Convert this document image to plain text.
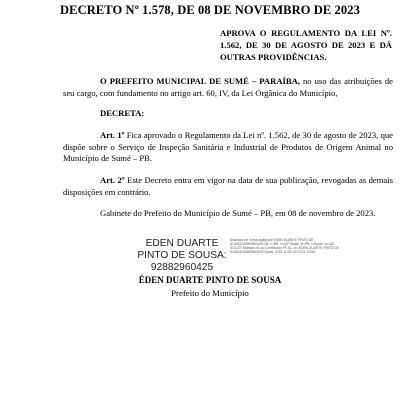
DECRETO Nº 1.578, DE 08 DE NOVEMBRO DE 2023
APROVA O REGULAMENTO DA LEI Nº. 1.562, DE 30 DE AGOSTO DE 2023 E DÁ OUTRAS PROVIDÊNCIAS.
O PREFEITO MUNICIPAL DE SUMÉ – PARAÍBA, no uso das atribuições de seu cargo, com fundamento no artigo art. 60, IV, da Lei Orgânica do Município,
DECRETA:
Art. 1º Fica aprovado o Regulamento da Lei nº. 1.562, de 30 de agosto de 2023, que dispõe sobre o Serviço de Inspeção Sanitária e Industrial de Produtos de Origem Animal no Município de Sumé – PB.
Art. 2º Este Decreto entra em vigor na data de sua publicação, revogadas as demais disposições em contrário.
Gabinete do Prefeito do Município de Sumé – PB, em 08 de novembro de 2023.
EDEN DUARTE
PINTO DE SOUSA:
92882960425
Assinado de forma digital por EDEN DUARTE PINTO DE SOUSA:92882960425 DN: c=BR, o=ICP-Brasil, st=PB, l=Sumé, ou=AC SOLUTI Multipla v5, ou=Certificado PF A1, cn=EDEN DUARTE PINTO DE SOUSA:92882960425 Dados: 2023.11.08 13:27:03 -03'00'
ÉDEN DUARTE PINTO DE SOUSA
Prefeito do Município
